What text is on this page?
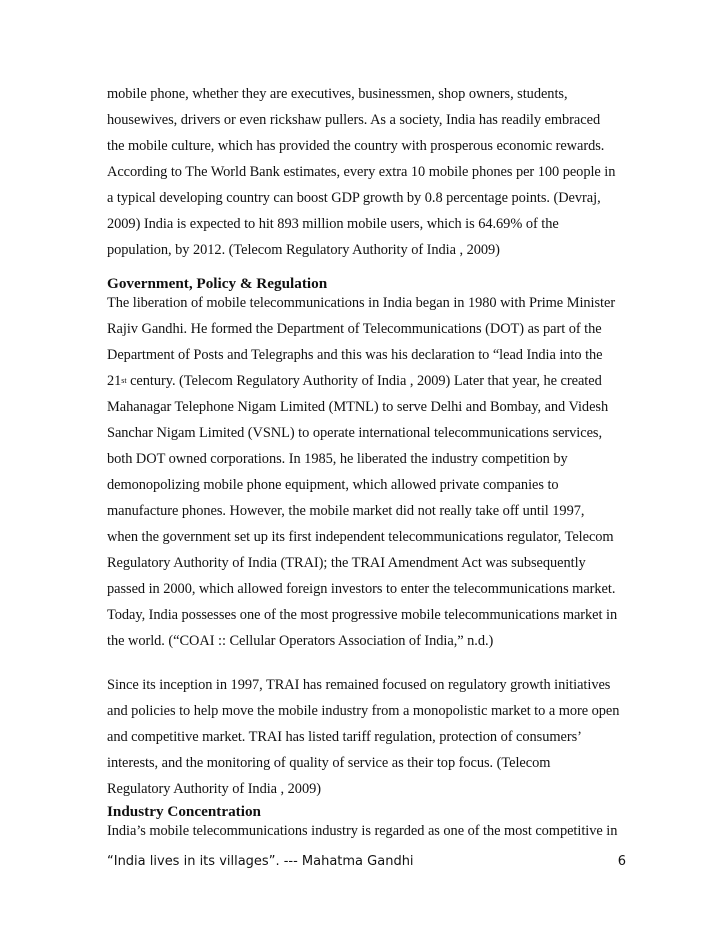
mobile phone, whether they are executives, businessmen, shop owners, students,
housewives, drivers or even rickshaw pullers. As a society, India has readily embraced
the mobile culture, which has provided the country with prosperous economic rewards.
According to The World Bank estimates, every extra 10 mobile phones per 100 people in
a typical developing country can boost GDP growth by 0.8 percentage points. (Devraj,
2009) India is expected to hit 893 million mobile users, which is 64.69% of the
population, by 2012. (Telecom Regulatory Authority of India , 2009)
Government, Policy & Regulation
The liberation of mobile telecommunications in India began in 1980 with Prime Minister
Rajiv Gandhi. He formed the Department of Telecommunications (DOT) as part of the
Department of Posts and Telegraphs and this was his declaration to “lead India into the
21st century. (Telecom Regulatory Authority of India , 2009) Later that year, he created
Mahanagar Telephone Nigam Limited (MTNL) to serve Delhi and Bombay, and Videsh
Sanchar Nigam Limited (VSNL) to operate international telecommunications services,
both DOT owned corporations. In 1985, he liberated the industry competition by
demonopolizing mobile phone equipment, which allowed private companies to
manufacture phones. However, the mobile market did not really take off until 1997,
when the government set up its first independent telecommunications regulator, Telecom
Regulatory Authority of India (TRAI); the TRAI Amendment Act was subsequently
passed in 2000, which allowed foreign investors to enter the telecommunications market.
Today, India possesses one of the most progressive mobile telecommunications market in
the world. (“COAI :: Cellular Operators Association of India,” n.d.)
Since its inception in 1997, TRAI has remained focused on regulatory growth initiatives
and policies to help move the mobile industry from a monopolistic market to a more open
and competitive market. TRAI has listed tariff regulation, protection of consumers’
interests, and the monitoring of quality of service as their top focus. (Telecom
Regulatory Authority of India , 2009)
Industry Concentration
India’s mobile telecommunications industry is regarded as one of the most competitive in
“India lives in its villages”. --- Mahatma Gandhi	6
